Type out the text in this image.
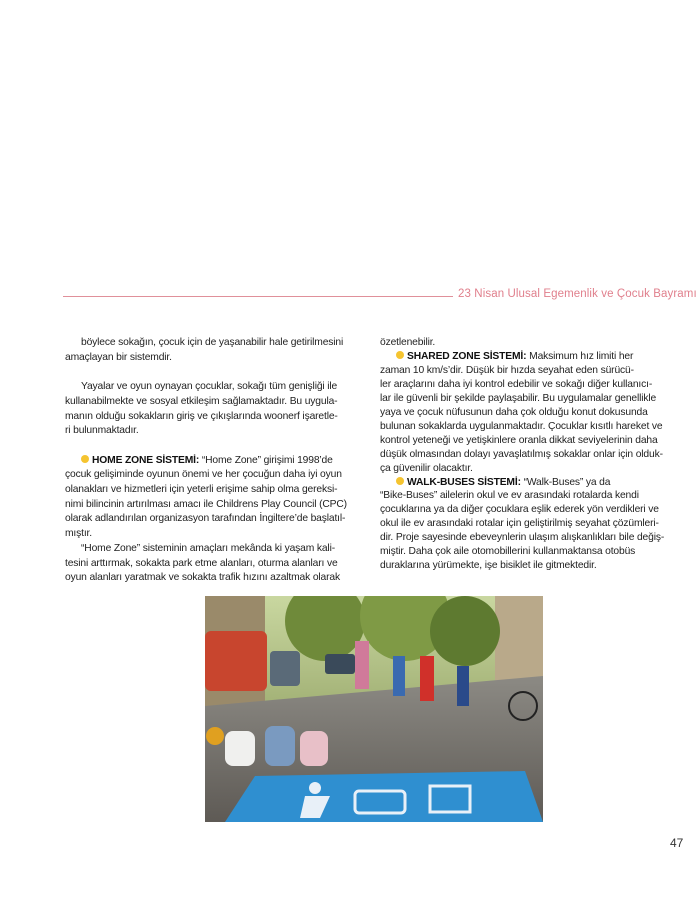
23 Nisan Ulusal Egemenlik ve Çocuk Bayramı
böylece sokağın, çocuk için de yaşanabilir hale getirilmesini
amaçlayan bir sistemdir.
Yayalar ve oyun oynayan çocuklar, sokağı tüm genişliği ile
kullanabilmekte ve sosyal etkileşim sağlamaktadır. Bu uygula-
manın olduğu sokakların giriş ve çıkışlarında woonerf işaretle-
ri bulunmaktadır.
HOME ZONE SİSTEMİ: “Home Zone” girişimi 1998’de
çocuk gelişiminde oyunun önemi ve her çocuğun daha iyi oyun
olanakları ve hizmetleri için yeterli erişime sahip olma gereksi-
nimi bilincinin artırılması amacı ile Childrens Play Council (CPC)
olarak adlandırılan organizasyon tarafından İngiltere’de başlatıl-
mıştır.
“Home Zone” sisteminin amaçları mekânda ki yaşam kali-
tesini arttırmak, sokakta park etme alanları, oturma alanları ve
oyun alanları yaratmak ve sokakta trafik hızını azaltmak olarak
özetlenebilir.
SHARED ZONE SİSTEMİ: Maksimum hız limiti her
zaman 10 km/s’dir. Düşük bir hızda seyahat eden sürücü-
ler araçlarını daha iyi kontrol edebilir ve sokağı diğer kullanıcı-
lar ile güvenli bir şekilde paylaşabilir. Bu uygulamalar genellikle
yaya ve çocuk nüfusunun daha çok olduğu konut dokusunda
bulunan sokaklarda uygulanmaktadır. Çocuklar kısıtlı hareket ve
kontrol yeteneği ve yetişkinlere oranla dikkat seviyelerinin daha
düşük olmasından dolayı yavaşlatılmış sokaklar onlar için olduk-
ça güvenilir olacaktır.
WALK-BUSES SİSTEMİ: “Walk-Buses” ya da
“Bike-Buses” ailelerin okul ve ev arasındaki rotalarda kendi
çocuklarına ya da diğer çocuklara eşlik ederek yön verdikleri ve
okul ile ev arasındaki rotalar için geliştirilmiş seyahat çözümleri-
dir. Proje sayesinde ebeveynlerin ulaşım alışkanlıkları bile değiş-
miştir. Daha çok aile otomobillerini kullanmaktansa otobüs
duraklarına yürümekte, işe bisiklet ile gitmektedir.
47
